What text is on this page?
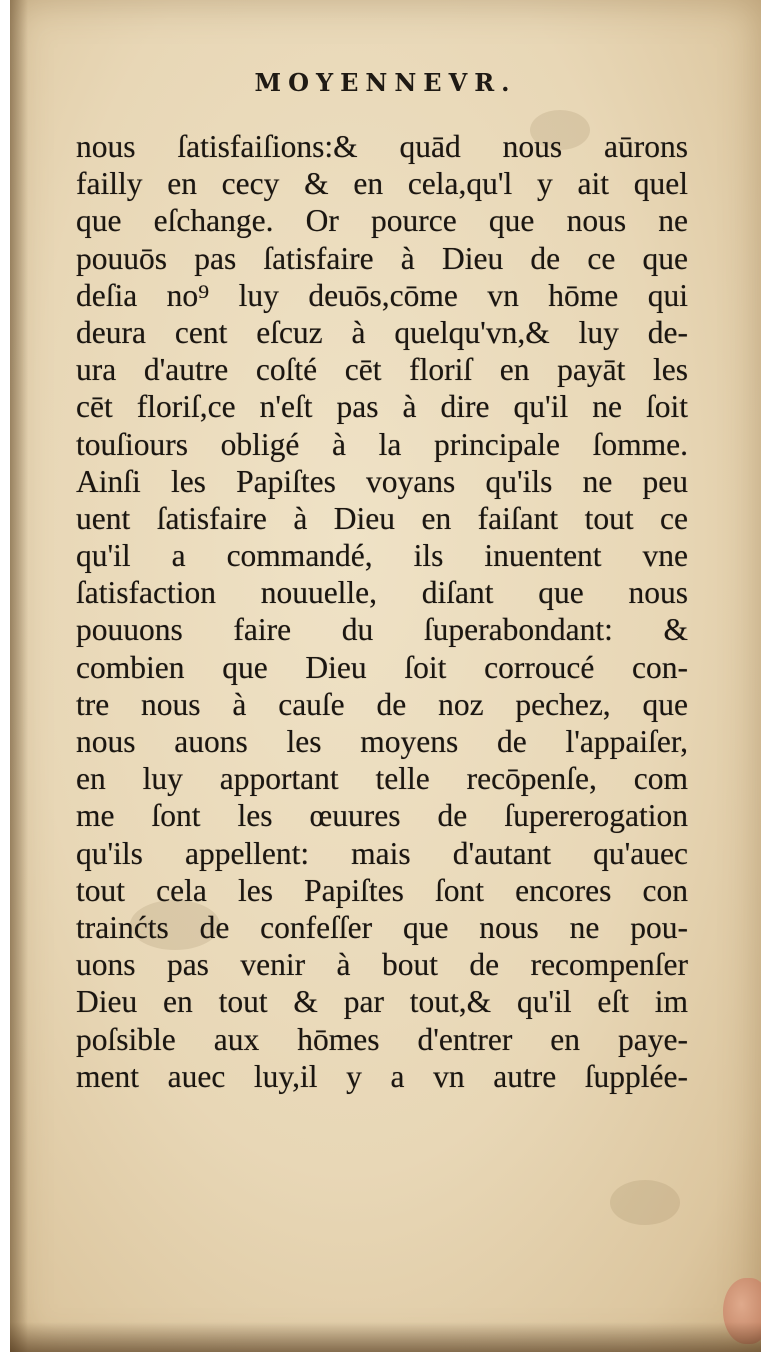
MOYENNEVR.
nous ſatisfaiſions:& quād nous aūrons
failly en cecy & en cela,qu'l y ait quel
que eſchange. Or pource que nous ne
pouuōs pas ſatisfaire à Dieu de ce que
deſia no⁹ luy deuōs,cōme vn hōme qui
deura cent eſcuz à quelqu'vn,& luy de-
ura d'autre coſté cēt floriſ en payāt les
cēt floriſ,ce n'eſt pas à dire qu'il ne ſoit
touſiours obligé à la principale ſomme.
Ainſi les Papiſtes voyans qu'ils ne peu
uent ſatisfaire à Dieu en faiſant tout ce
qu'il a commandé, ils inuentent vne
ſatisfaction nouuelle, diſant que nous
pouuons faire du ſuperabondant: &
combien que Dieu ſoit corroucé con-
tre nous à cauſe de noz pechez, que
nous auons les moyens de l'appaiſer,
en luy apportant telle recōpenſe, com
me ſont les œuures de ſupererogation
qu'ils appellent: mais d'autant qu'auec
tout cela les Papiſtes ſont encores con
trainćts de confeſſer que nous ne pou-
uons pas venir à bout de recompenſer
Dieu en tout & par tout,& qu'il eſt im
poſsible aux hōmes d'entrer en paye-
ment auec luy,il y a vn autre ſupplée-
